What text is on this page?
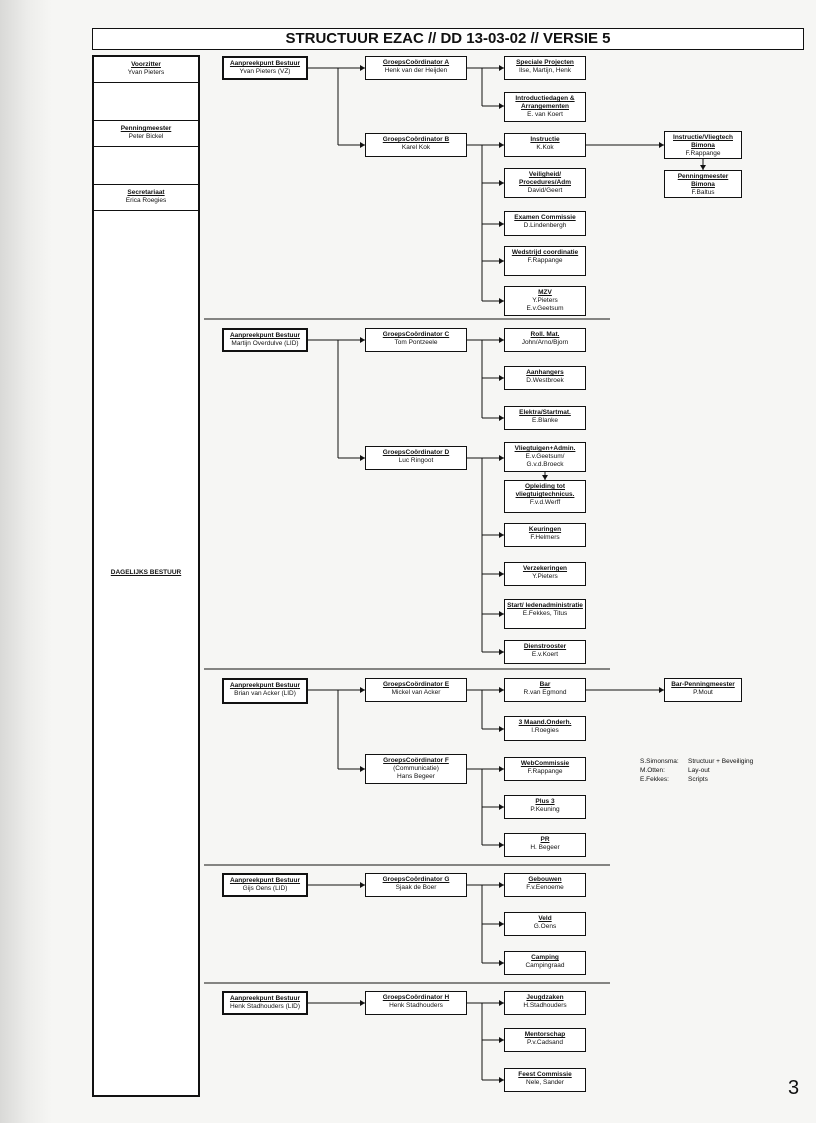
STRUCTUUR EZAC // DD 13-03-02 // VERSIE 5
Voorzitter
Yvan Pieters
Penningmeester
Peter Bickel
Secretariaat
Erica Roegies
DAGELIJKS BESTUUR
Aanpreekpunt Bestuur
Yvan Pieters (VZ)
GroepsCoördinator A
Henk van der Heijden
Speciale Projecten
Ilse, Martijn, Henk
Introductiedagen & Arrangementen
E. van Koert
GroepsCoördinator B
Karel Kok
Instructie
K.Kok
Instructie/Vliegtech Bimona
F.Rappange
Penningmeester Bimona
F.Baltus
Veiligheid/ Procedures/Adm
David/Geert
Examen Commissie
D.Lindenbergh
Wedstrijd coordinatie
F.Rappange
MZV
Y.Pieters
E.v.Geetsum
Aanpreekpunt Bestuur
Martijn Overdulve (LID)
GroepsCoördinator C
Tom Pontzeele
Roll. Mat.
John/Arno/Bjorn
Aanhangers
D.Westbroek
Elektra/Startmat.
E.Blanke
GroepsCoördinator D
Luc Ringoot
Vliegtuigen+Admin.
E.v.Geetsum/
G.v.d.Broeck
Opleiding tot vliegtuigtechnicus.
F.v.d.Werff
Keuringen
F.Helmers
Verzekeringen
Y.Pieters
Start/ ledenadministratie
E.Fekkes, Titus
Dienstrooster
E.v.Koert
Aanpreekpunt Bestuur
Brian van Acker (LID)
GroepsCoördinator E
Mickel van Acker
Bar
R.van Egmond
Bar-Penningmeester
P.Mout
3 Maand.Onderh.
I.Roegies
GroepsCoördinator F
(Communicatie)
Hans Begeer
WebCommissie
F.Rappange
Plus 3
P.Keuning
PR
H. Begeer
Aanpreekpunt Bestuur
Gijs Oens (LID)
GroepsCoördinator G
Sjaak de Boer
Gebouwen
F.v.Eenoeme
Veld
G.Oens
Camping
Campingraad
Aanpreekpunt Bestuur
Henk Stadhouders (LID)
GroepsCoördinator H
Henk Stadhouders
Jeugdzaken
H.Stadhouders
Mentorschap
P.v.Cadsand
Feest Commissie
Nele, Sander
S.Simonsma: Structuur + Beveiliging
M.Otten:	Lay-out
E.Fekkes:	Scripts
3
